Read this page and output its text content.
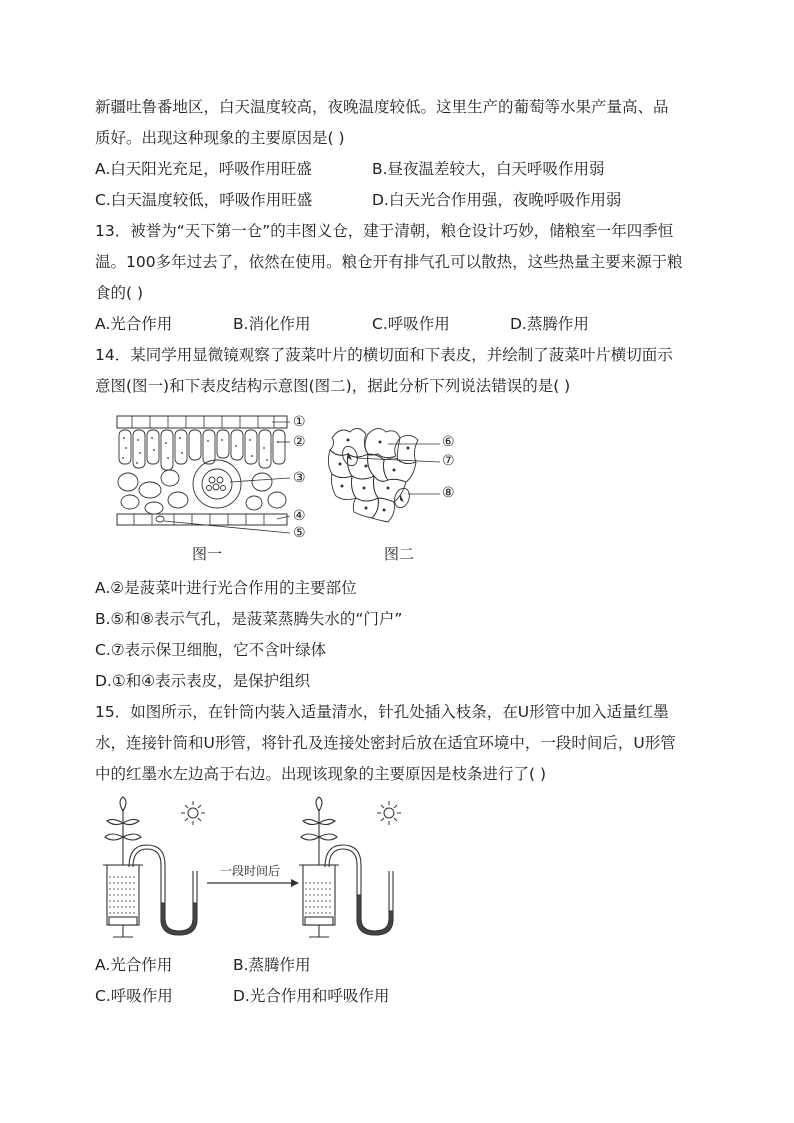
新疆吐鲁番地区，白天温度较高，夜晚温度较低。这里生产的葡萄等水果产量高、品
质好。出现这种现象的主要原因是( )
A.白天阳光充足，呼吸作用旺盛	B.昼夜温差较大，白天呼吸作用弱
C.白天温度较低，呼吸作用旺盛	D.白天光合作用强，夜晚呼吸作用弱
13．被誉为“天下第一仓”的丰图义仓，建于清朝，粮仓设计巧妙，储粮室一年四季恒
温。100多年过去了，依然在使用。粮仓开有排气孔可以散热，这些热量主要来源于粮
食的( )
A.光合作用	B.消化作用	C.呼吸作用	D.蒸腾作用
14．某同学用显微镜观察了菠菜叶片的横切面和下表皮，并绘制了菠菜叶片横切面示
意图(图一)和下表皮结构示意图(图二)，据此分析下列说法错误的是( )
①
②
③
④
⑤
图一
⑥
⑦
⑧
图二
A.②是菠菜叶进行光合作用的主要部位
B.⑤和⑧表示气孔，是菠菜蒸腾失水的“门户”
C.⑦表示保卫细胞，它不含叶绿体
D.①和④表示表皮，是保护组织
15．如图所示，在针筒内装入适量清水，针孔处插入枝条，在U形管中加入适量红墨
水，连接针筒和U形管，将针孔及连接处密封后放在适宜环境中，一段时间后，U形管
中的红墨水左边高于右边。出现该现象的主要原因是枝条进行了( )
一段时间后
A.光合作用	B.蒸腾作用
C.呼吸作用	D.光合作用和呼吸作用
